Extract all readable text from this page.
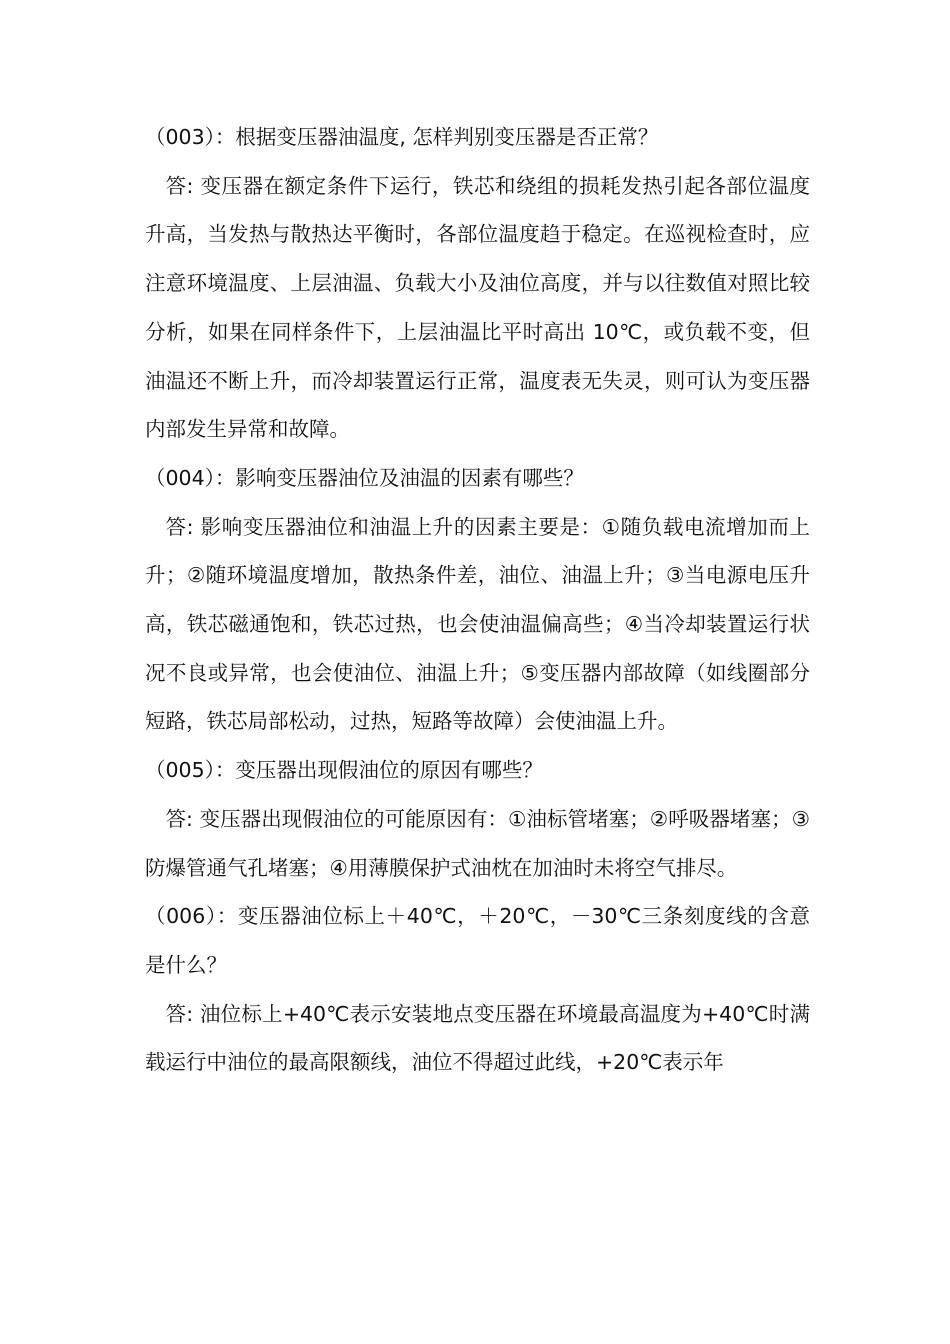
（003）：根据变压器油温度, 怎样判别变压器是否正常？

答: 变压器在额定条件下运行，铁芯和绕组的损耗发热引起各部位温度升高，当发热与散热达平衡时，各部位温度趋于稳定。在巡视检查时，应注意环境温度、上层油温、负载大小及油位高度，并与以往数值对照比较分析，如果在同样条件下，上层油温比平时高出 10℃，或负载不变，但油温还不断上升，而冷却装置运行正常，温度表无失灵，则可认为变压器内部发生异常和故障。

（004）：影响变压器油位及油温的因素有哪些？

答: 影响变压器油位和油温上升的因素主要是：①随负载电流增加而上升；②随环境温度增加，散热条件差，油位、油温上升；③当电源电压升高，铁芯磁通饱和，铁芯过热，也会使油温偏高些；④当冷却装置运行状况不良或异常，也会使油位、油温上升；⑤变压器内部故障（如线圈部分短路，铁芯局部松动，过热，短路等故障）会使油温上升。

（005）：变压器出现假油位的原因有哪些？

答: 变压器出现假油位的可能原因有：①油标管堵塞；②呼吸器堵塞；③防爆管通气孔堵塞；④用薄膜保护式油枕在加油时未将空气排尽。

（006）：变压器油位标上＋40℃，＋20℃，－30℃三条刻度线的含意是什么？

答: 油位标上+40℃表示安装地点变压器在环境最高温度为+40℃时满载运行中油位的最高限额线，油位不得超过此线，+20℃表示年
